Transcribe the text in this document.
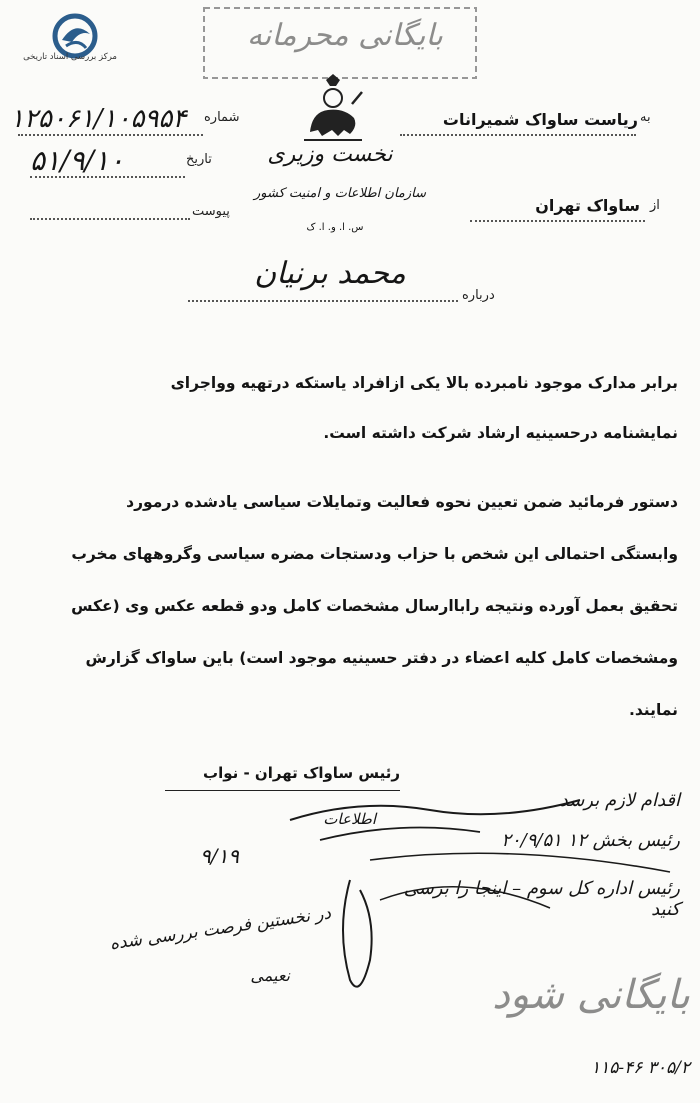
مرکز بررسی اسناد تاریخی
بایگانی محرمانه
نخست وزیری
سازمان اطلاعات و امنیت کشور
س. ا. و. ا. ک
به
ریاست ساواک شمیرانات
از
ساواک تهران
شماره
۱۲۵۰۶۱/۱۰۵۹۵۴
تاریخ
۵۱/۹/۱۰
پیوست
درباره
محمد برنیان
برابر مدارک موجود نامبرده بالا یکی ازافراد یاستکه درتهیه وواجرای
نمایشنامه درحسینیه ارشاد شرکت داشته است.
دستور فرمائید ضمن تعیین نحوه فعالیت وتمایلات سیاسی یادشده درمورد وابستگی احتمالی این شخص با حزاب ودستجات مضره سیاسی وگروههای مخرب تحقیق بعمل آورده ونتیجه راباارسال مشخصات کامل ودو قطعه عکس وی (عکس ومشخصات کامل کلیه اعضاء در دفتر حسینیه موجود است) باین ساواک گزارش نمایند.
رئیس ساواک تهران - نواب
اقدام لازم برسد
رئیس بخش ۱۲ ۲۰/۹/۵۱
رئیس اداره کل سوم – اینجا را برسی کنید
اطلاعات
۹/۱۹
در نخستین فرصت بررسی شده
نعیمی	بایگانی شود
۱۱۵-۴۶ ۳۰۵/۲
